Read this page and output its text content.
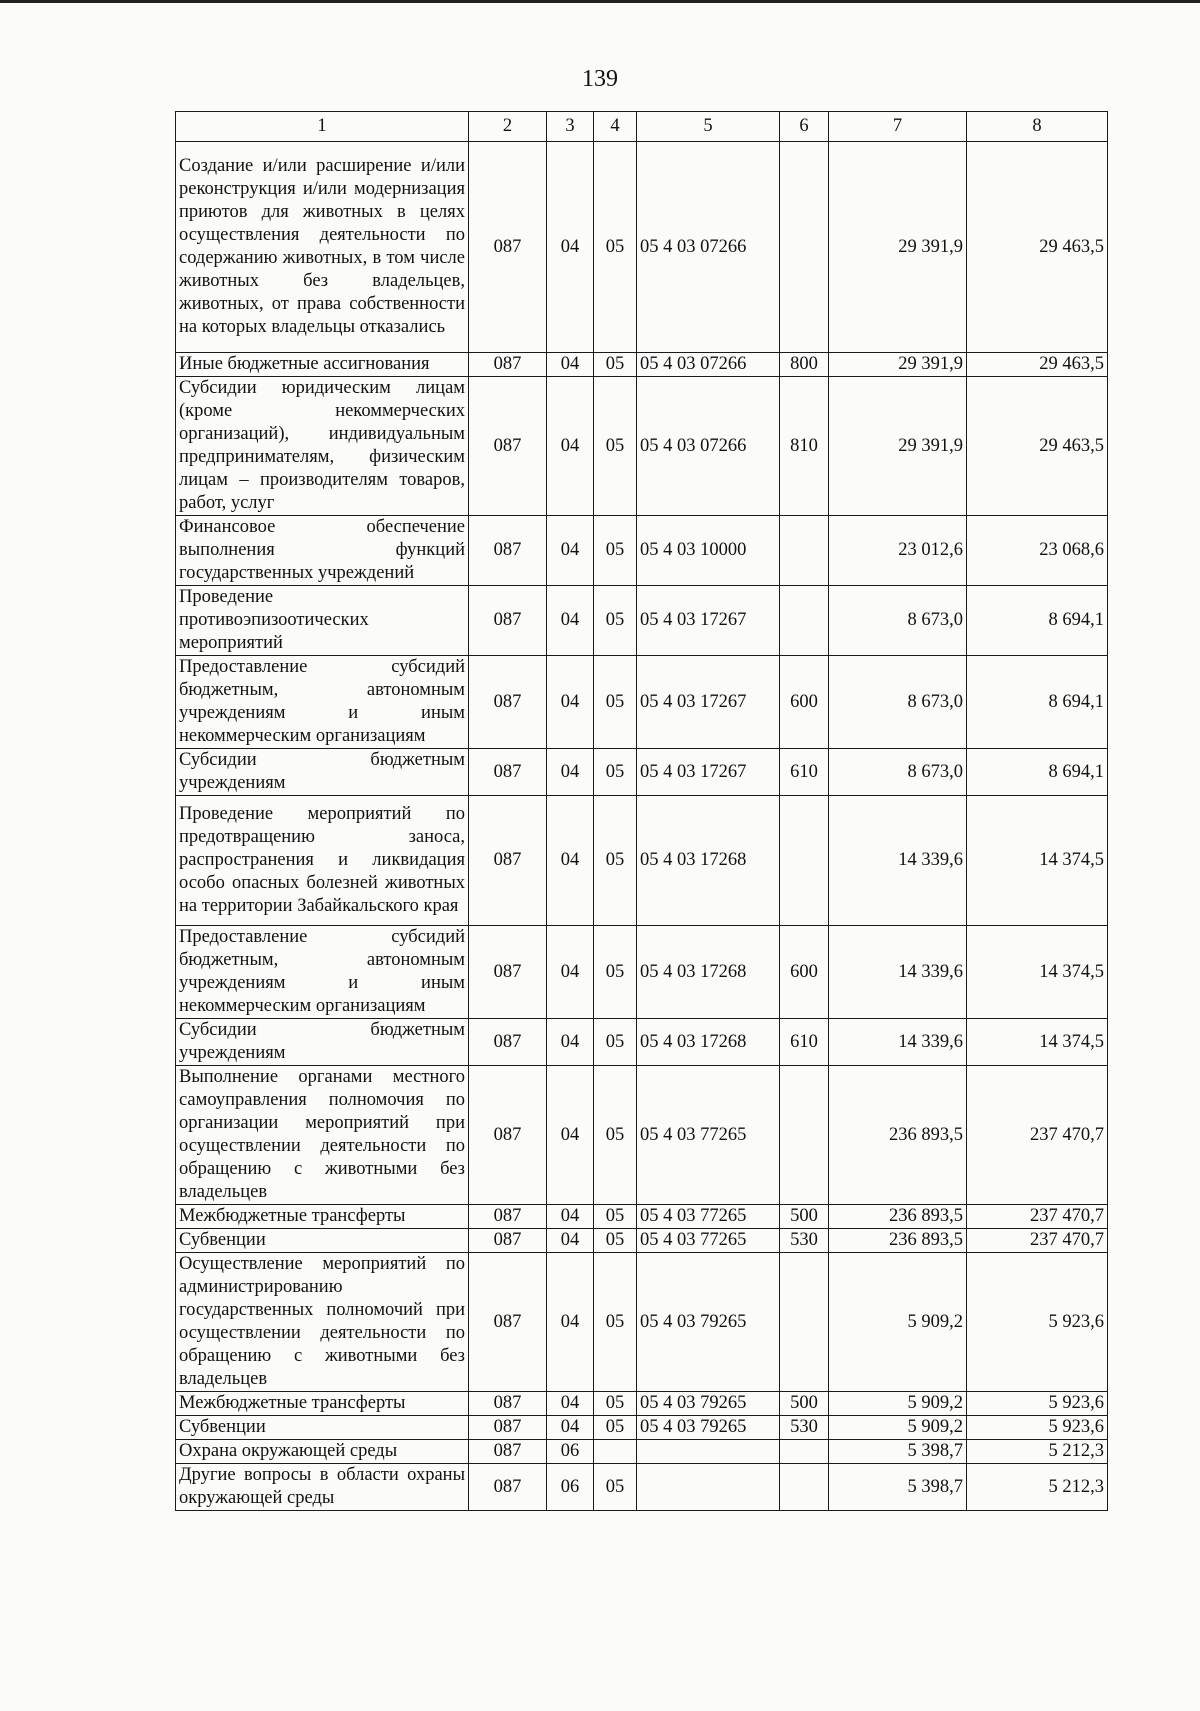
139
1	2	3	4	5	6	7	8
Создание и/или расширение и/или реконструкция и/или модернизация приютов для животных в целях осуществления деятельности по содержанию животных, в том числе животных без владельцев, животных, от права собственности на которых владельцы отказались	087	04	05	05 4 03 07266		29 391,9	29 463,5
Иные бюджетные ассигнования	087	04	05	05 4 03 07266	800	29 391,9	29 463,5
Субсидии юридическим лицам (кроме некоммерческих организаций), индивидуальным предпринимателям, физическим лицам – производителям товаров, работ, услуг	087	04	05	05 4 03 07266	810	29 391,9	29 463,5
Финансовое обеспечение выполнения функций государственных учреждений	087	04	05	05 4 03 10000		23 012,6	23 068,6
Проведение противоэпизоотических мероприятий	087	04	05	05 4 03 17267		8 673,0	8 694,1
Предоставление субсидий бюджетным, автономным учреждениям и иным некоммерческим организациям	087	04	05	05 4 03 17267	600	8 673,0	8 694,1
Субсидии бюджетным учреждениям	087	04	05	05 4 03 17267	610	8 673,0	8 694,1
Проведение мероприятий по предотвращению заноса, распространения и ликвидация особо опасных болезней животных на территории Забайкальского края	087	04	05	05 4 03 17268		14 339,6	14 374,5
Предоставление субсидий бюджетным, автономным учреждениям и иным некоммерческим организациям	087	04	05	05 4 03 17268	600	14 339,6	14 374,5
Субсидии бюджетным учреждениям	087	04	05	05 4 03 17268	610	14 339,6	14 374,5
Выполнение органами местного самоуправления полномочия по организации мероприятий при осуществлении деятельности по обращению с животными без владельцев	087	04	05	05 4 03 77265		236 893,5	237 470,7
Межбюджетные трансферты	087	04	05	05 4 03 77265	500	236 893,5	237 470,7
Субвенции	087	04	05	05 4 03 77265	530	236 893,5	237 470,7
Осуществление мероприятий по администрированию государственных полномочий при осуществлении деятельности по обращению с животными без владельцев	087	04	05	05 4 03 79265		5 909,2	5 923,6
Межбюджетные трансферты	087	04	05	05 4 03 79265	500	5 909,2	5 923,6
Субвенции	087	04	05	05 4 03 79265	530	5 909,2	5 923,6
Охрана окружающей среды	087	06				5 398,7	5 212,3
Другие вопросы в области охраны окружающей среды	087	06	05			5 398,7	5 212,3
